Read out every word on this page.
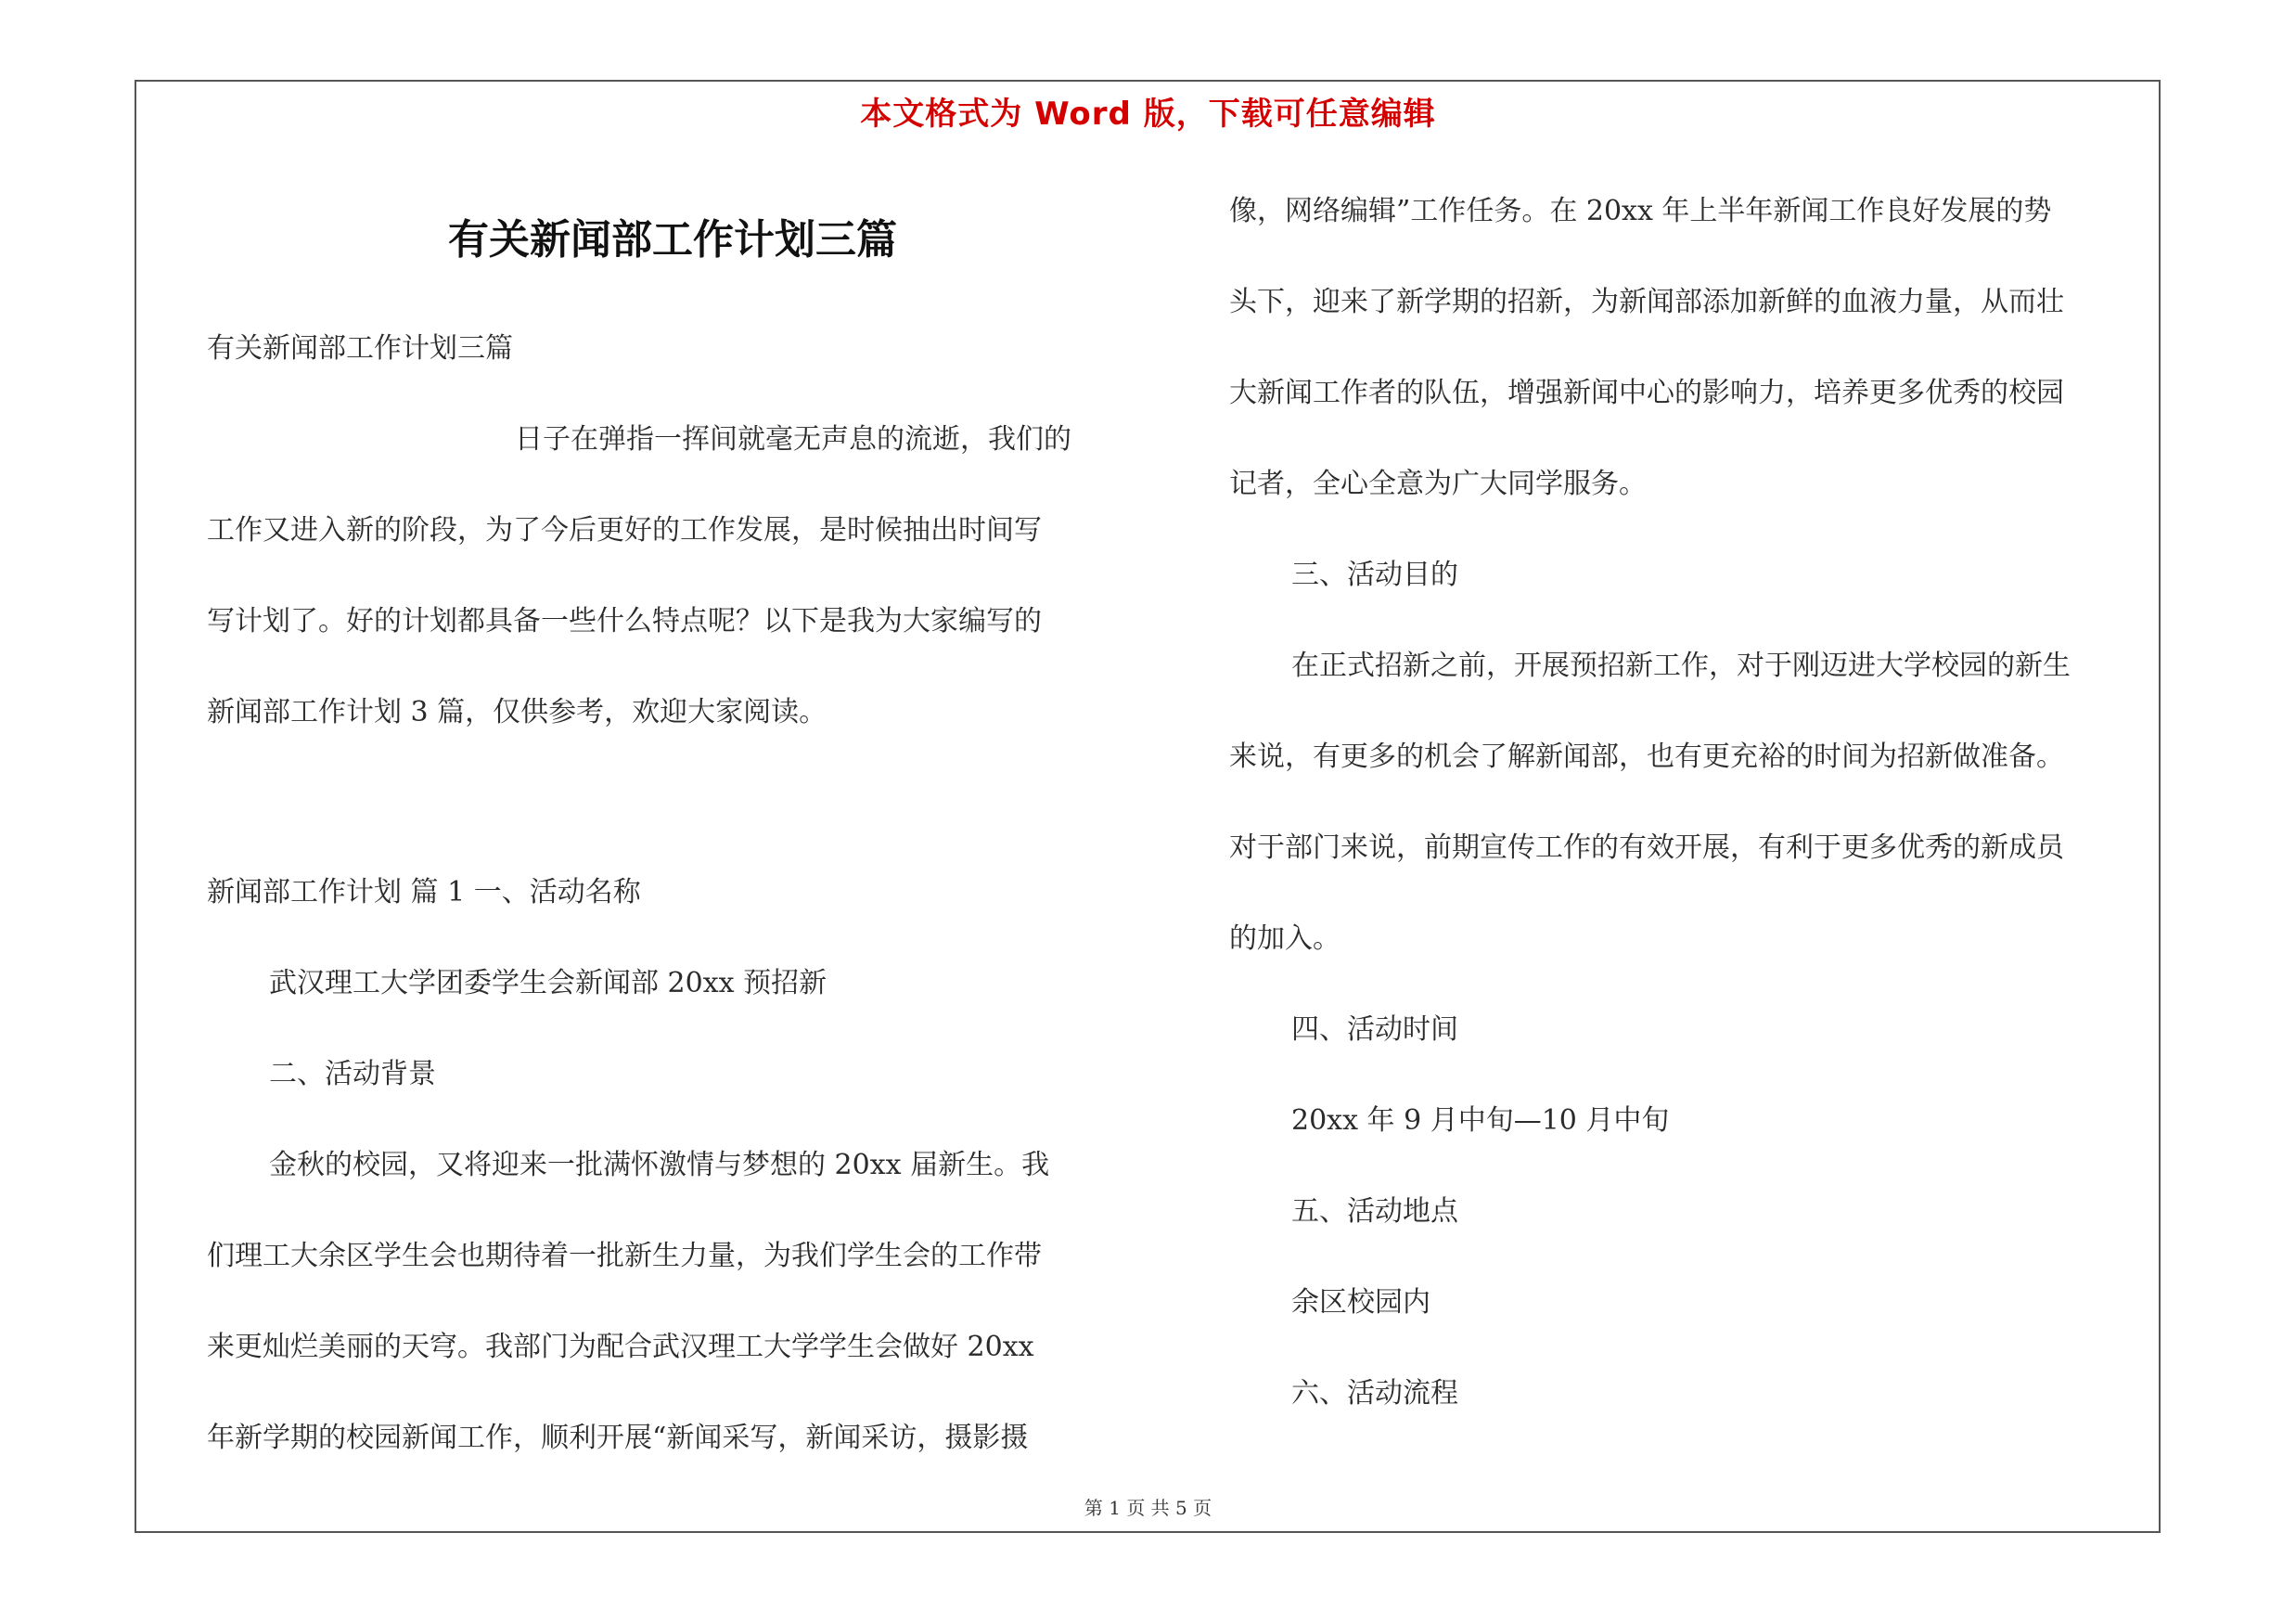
本文格式为 Word 版，下载可任意编辑
有关新闻部工作计划三篇
有关新闻部工作计划三篇
日子在弹指一挥间就毫无声息的流逝，我们的
工作又进入新的阶段，为了今后更好的工作发展，是时候抽出时间写
写计划了。好的计划都具备一些什么特点呢？以下是我为大家编写的
新闻部工作计划 3 篇，仅供参考，欢迎大家阅读。
新闻部工作计划 篇 1 一、活动名称
武汉理工大学团委学生会新闻部 20xx 预招新
二、活动背景
金秋的校园，又将迎来一批满怀激情与梦想的 20xx 届新生。我
们理工大余区学生会也期待着一批新生力量，为我们学生会的工作带
来更灿烂美丽的天穹。我部门为配合武汉理工大学学生会做好 20xx
年新学期的校园新闻工作，顺利开展“新闻采写，新闻采访，摄影摄
像，网络编辑”工作任务。在 20xx 年上半年新闻工作良好发展的势
头下，迎来了新学期的招新，为新闻部添加新鲜的血液力量，从而壮
大新闻工作者的队伍，增强新闻中心的影响力，培养更多优秀的校园
记者，全心全意为广大同学服务。
三、活动目的
在正式招新之前，开展预招新工作，对于刚迈进大学校园的新生
来说，有更多的机会了解新闻部，也有更充裕的时间为招新做准备。
对于部门来说，前期宣传工作的有效开展，有利于更多优秀的新成员
的加入。
四、活动时间
20xx 年 9 月中旬—10 月中旬
五、活动地点
余区校园内
六、活动流程
第 1 页 共 5 页
